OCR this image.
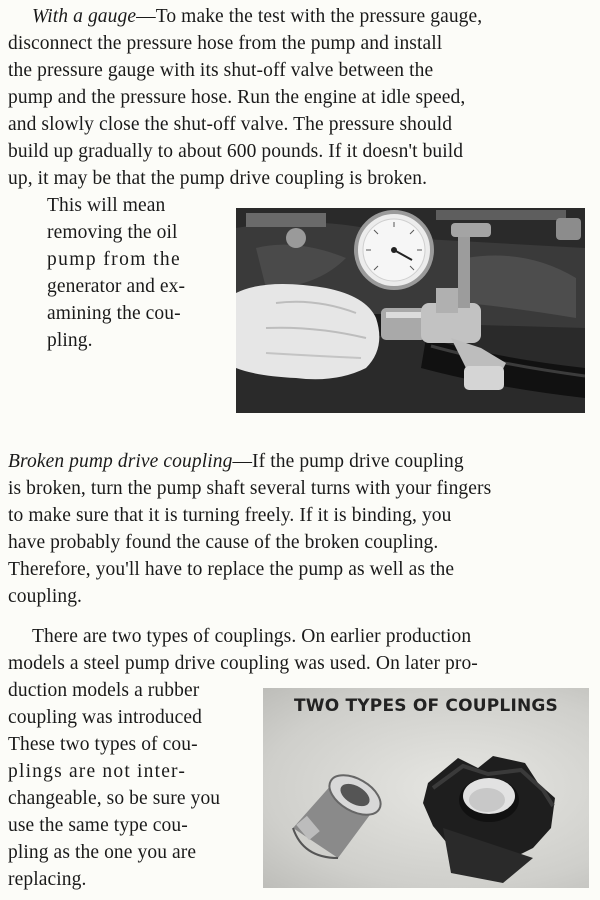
With a gauge—To make the test with the pressure gauge,
disconnect the pressure hose from the pump and install
the pressure gauge with its shut-off valve between the
pump and the pressure hose. Run the engine at idle speed,
and slowly close the shut-off valve. The pressure should
build up gradually to about 600 pounds. If it doesn't build
up, it may be that the pump drive coupling is broken.
This will mean
removing the oil
pump from the
generator and ex-
amining the cou-
pling.
Broken pump drive coupling—If the pump drive coupling
is broken, turn the pump shaft several turns with your fingers
to make sure that it is turning freely. If it is binding, you
have probably found the cause of the broken coupling.
Therefore, you'll have to replace the pump as well as the
coupling.
There are two types of couplings. On earlier production
models a steel pump drive coupling was used. On later pro-
duction models a rubber
coupling was introduced
These two types of cou-
plings are not inter-
changeable, so be sure you
use the same type cou-
pling as the one you are
replacing.
TWO TYPES OF COUPLINGS
